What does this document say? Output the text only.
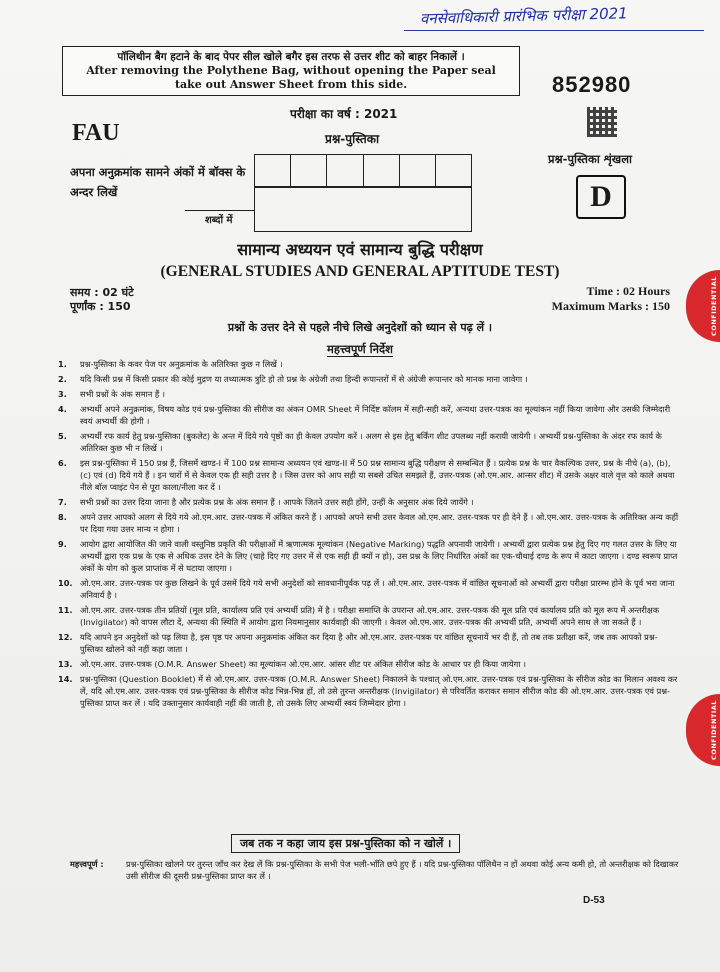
वनसेवाधिकारी प्रारंभिक परीक्षा 2021
पॉलिथीन बैग हटाने के बाद पेपर सील खोले बगैर इस तरफ से उत्तर शीट को बाहर निकालें ।
After removing the Polythene Bag, without opening the Paper seal
take out Answer Sheet from this side.	852980
परीक्षा का वर्ष : 2021
FAU	प्रश्न-पुस्तिका
प्रश्न-पुस्तिका शृंखला
अपना अनुक्रमांक सामने अंकों में बॉक्स के अन्दर लिखें
शब्दों में
D
सामान्य अध्ययन एवं सामान्य बुद्धि परीक्षण
(GENERAL STUDIES AND GENERAL APTITUDE TEST)
समय : 02 घंटे
पूर्णांक : 150
Time : 02 Hours
Maximum Marks : 150
प्रश्नों के उत्तर देने से पहले नीचे लिखे अनुदेशों को ध्यान से पढ़ लें ।
महत्त्वपूर्ण निर्देश
1.	प्रश्न-पुस्तिका के कवर पेज पर अनुक्रमांक के अतिरिक्त कुछ न लिखें ।
2.	यदि किसी प्रश्न में किसी प्रकार की कोई मुद्रण या तथ्यात्मक त्रुटि हो तो प्रश्न के अंग्रेजी तथा हिन्दी रूपान्तरों में से अंग्रेजी रूपान्तर को मानक माना जावेगा ।
3.	सभी प्रश्नों के अंक समान हैं ।
4.	अभ्यर्थी अपने अनुक्रमांक, विषय कोड एवं प्रश्न-पुस्तिका की सीरीज का अंकन OMR Sheet में निर्दिष्ट कॉलम में सही-सही करें, अन्यथा उत्तर-पत्रक का मूल्यांकन नहीं किया जावेगा और उसकी जिम्मेदारी स्वयं अभ्यर्थी की होगी ।
5.	अभ्यर्थी रफ कार्य हेतु प्रश्न-पुस्तिका (बुकलेट) के अन्त में दिये गये पृष्ठों का ही केवल उपयोग करें । अलग से इस हेतु बर्किंग शीट उपलब्ध नहीं करायी जायेगी । अभ्यर्थी प्रश्न-पुस्तिका के अंदर रफ कार्य के अतिरिक्त कुछ भी न लिखें ।
6.	इस प्रश्न-पुस्तिका में 150 प्रश्न हैं, जिसमें खण्ड-I में 100 प्रश्न सामान्य अध्ययन एवं खण्ड-II में 50 प्रश्न सामान्य बुद्धि परीक्षण से सम्बन्धित हैं । प्रत्येक प्रश्न के चार वैकल्पिक उत्तर, प्रश्न के नीचे (a), (b), (c) एवं (d) दिये गये हैं । इन चारों में से केवल एक ही सही उत्तर है । जिस उत्तर को आप सही या सबसे उचित समझते हैं, उत्तर-पत्रक (ओ.एम.आर. आन्सर शीट) में उसके अक्षर वाले वृत्त को काले अथवा नीले बॉल प्वाइंट पेन से पूरा काला/नीला कर दें ।
7.	सभी प्रश्नों का उत्तर दिया जाना है और प्रत्येक प्रश्न के अंक समान हैं । आपके जितने उत्तर सही होंगे, उन्हीं के अनुसार अंक दिये जायेंगे ।
8.	अपने उत्तर आपको अलग से दिये गये ओ.एम.आर. उत्तर-पत्रक में अंकित करने हैं । आपको अपने सभी उत्तर केवल ओ.एम.आर. उत्तर-पत्रक पर ही देने हैं । ओ.एम.आर. उत्तर-पत्रक के अतिरिक्त अन्य कहीं पर दिया गया उत्तर मान्य न होगा ।
9.	आयोग द्वारा आयोजित की जाने वाली वस्तुनिष्ठ प्रकृति की परीक्षाओं में ऋणात्मक मूल्यांकन (Negative Marking) पद्धति अपनायी जायेगी । अभ्यर्थी द्वारा प्रत्येक प्रश्न हेतु दिए गए गलत उत्तर के लिए या अभ्यर्थी द्वारा एक प्रश्न के एक से अधिक उत्तर देने के लिए (चाहे दिए गए उत्तर में से एक सही ही क्यों न हो), उस प्रश्न के लिए निर्धारित अंकों का एक-चौथाई दण्ड के रूप में काटा जाएगा । दण्ड स्वरूप प्राप्त अंकों के योग को कुल प्राप्तांक में से घटाया जाएगा ।
10. ओ.एम.आर. उत्तर-पत्रक पर कुछ लिखने के पूर्व उसमें दिये गये सभी अनुदेशों को सावधानीपूर्वक पढ़ लें । ओ.एम.आर. उत्तर-पत्रक में वांछित सूचनाओं को अभ्यर्थी द्वारा परीक्षा प्रारम्भ होने के पूर्व भरा जाना अनिवार्य है ।
11. ओ.एम.आर. उत्तर-पत्रक तीन प्रतियों (मूल प्रति, कार्यालय प्रति एवं अभ्यर्थी प्रति) में है । परीक्षा समाप्ति के उपरान्त ओ.एम.आर. उत्तर-पत्रक की मूल प्रति एवं कार्यालय प्रति को मूल रूप में अन्तरीक्षक (Invigilator) को वापस लौटा दें, अन्यथा की स्थिति में आयोग द्वारा नियमानुसार कार्यवाही की जाएगी । केवल ओ.एम.आर. उत्तर-पत्रक की अभ्यर्थी प्रति, अभ्यर्थी अपने साथ ले जा सकते हैं ।
12. यदि आपने इन अनुदेशों को पढ़ लिया है, इस पृष्ठ पर अपना अनुक्रमांक अंकित कर दिया है और ओ.एम.आर. उत्तर-पत्रक पर वांछित सूचनायें भर दी हैं, तो तब तक प्रतीक्षा करें, जब तक आपको प्रश्न-पुस्तिका खोलने को नहीं कहा जाता ।
13. ओ.एम.आर. उत्तर-पत्रक (O.M.R. Answer Sheet) का मूल्यांकन ओ.एम.आर. आंसर शीट पर अंकित सीरीज कोड के आधार पर ही किया जायेगा ।
14. प्रश्न-पुस्तिका (Question Booklet) में से ओ.एम.आर. उत्तर-पत्रक (O.M.R. Answer Sheet) निकालने के पश्चात् ओ.एम.आर. उत्तर-पत्रक एवं प्रश्न-पुस्तिका के सीरीज कोड का मिलान अवश्य कर लें, यदि ओ.एम.आर. उत्तर-पत्रक एवं प्रश्न-पुस्तिका के सीरीज कोड भिन्न-भिन्न हों, तो उसे तुरन्त अन्तरीक्षक (Invigilator) से परिवर्तित कराकर समान सीरीज कोड की ओ.एम.आर. उत्तर-पत्रक एवं प्रश्न-पुस्तिका प्राप्त कर लें । यदि उक्तानुसार कार्यवाही नहीं की जाती है, तो उसके लिए अभ्यर्थी स्वयं जिम्मेदार होगा ।
जब तक न कहा जाय इस प्रश्न-पुस्तिका को न खोलें ।
महत्त्वपूर्ण :	प्रश्न-पुस्तिका खोलने पर तुरन्त जाँच कर देख लें कि प्रश्न-पुस्तिका के सभी पेज भली-भाँति छपे हुए हैं । यदि प्रश्न-पुस्तिका पॉलिथैन न हों अथवा कोई अन्य कमी हो, तो अन्तरीक्षक को दिखाकर उसी सीरीज की दूसरी प्रश्न-पुस्तिका प्राप्त कर लें ।
D-53
CONFIDENTIAL
CONFIDENTIAL
